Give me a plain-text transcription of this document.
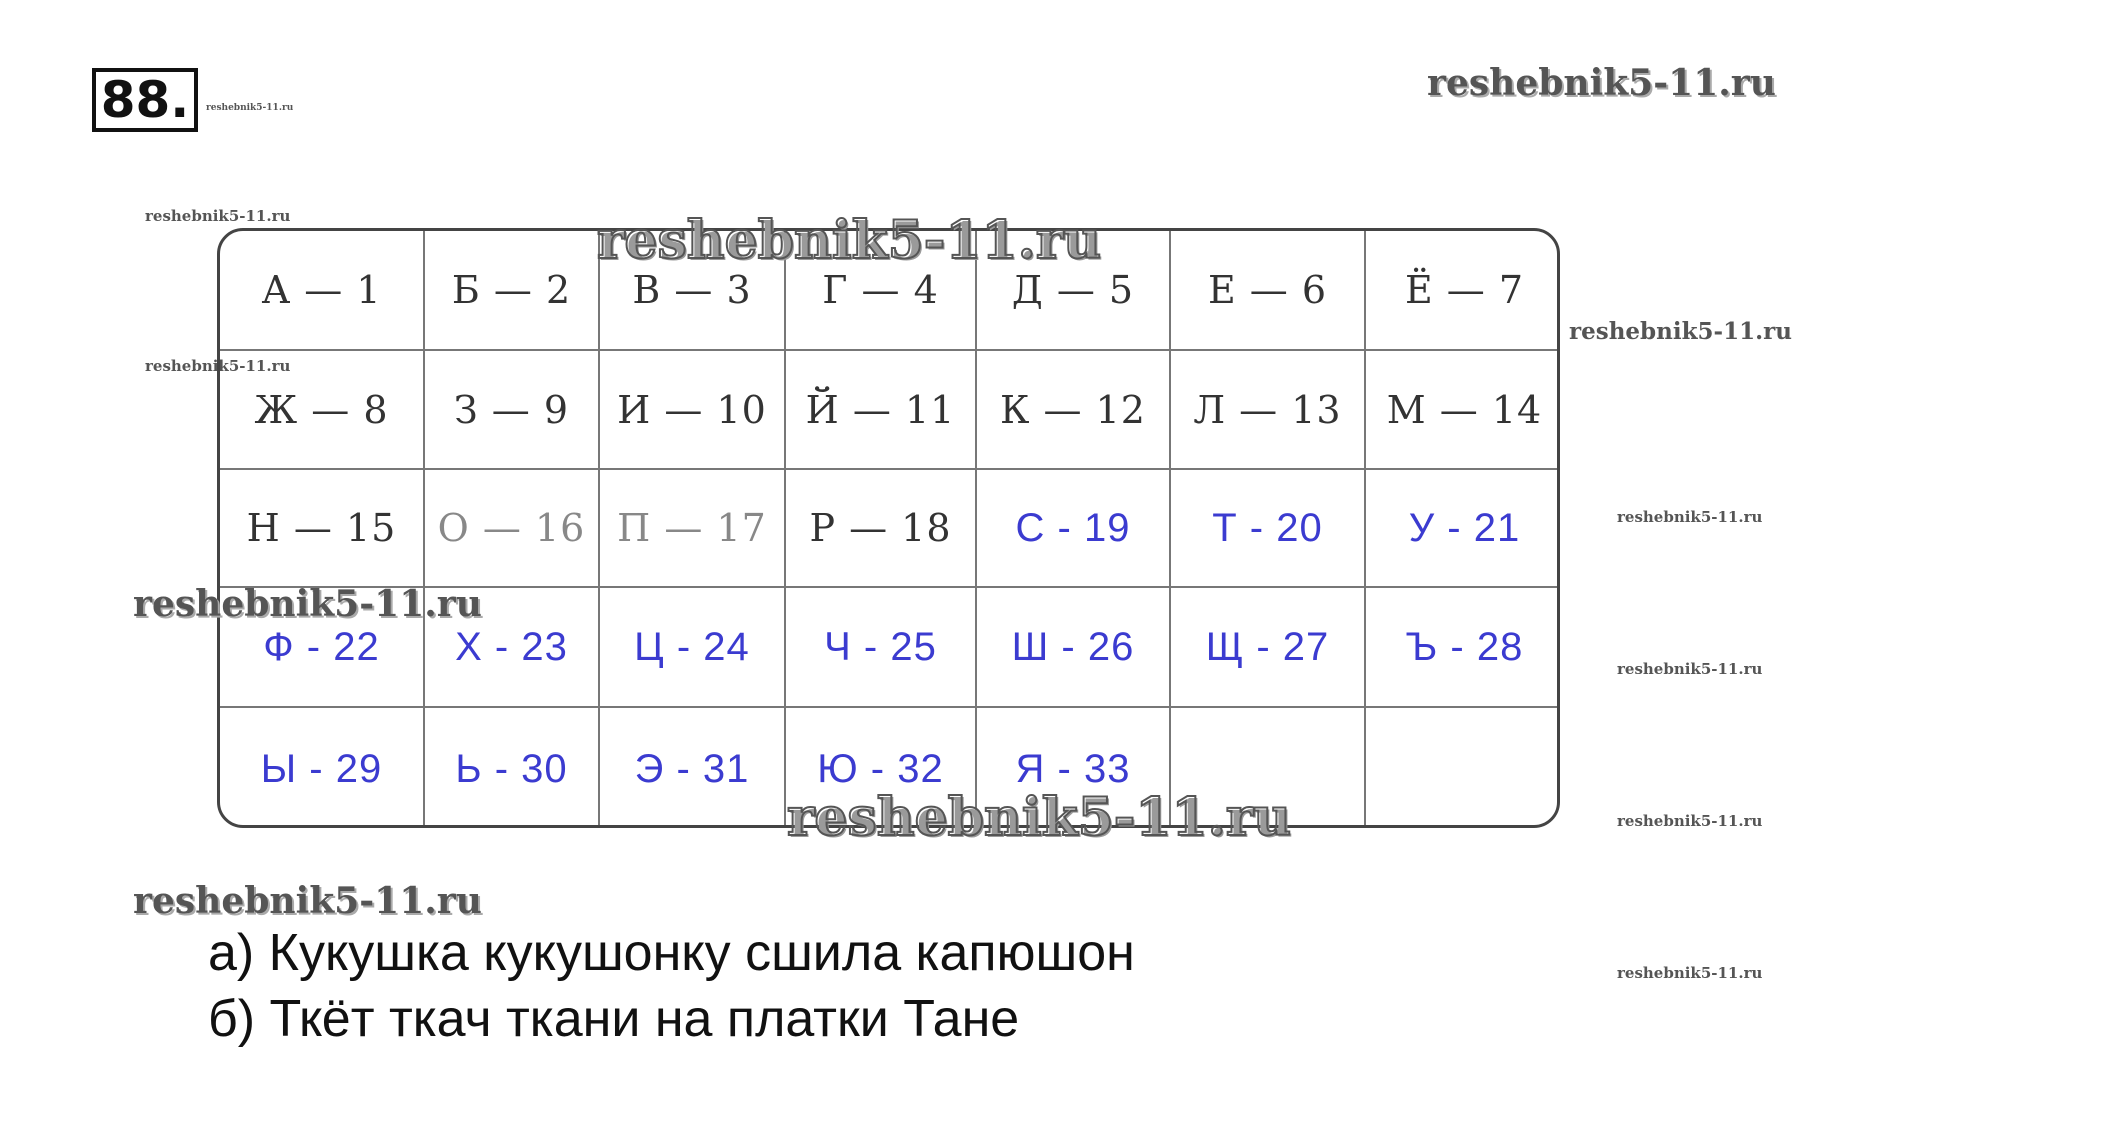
88.	reshebnik5-11.ru
reshebnik5-11.ru
reshebnik5-11.ru
reshebnik5-11.ru
reshebnik5-11.ru
reshebnik5-11.ru
reshebnik5-11.ru
reshebnik5-11.ru
reshebnik5-11.ru
А — 1	Б — 2	В — 3	Г — 4	Д — 5	Е — 6	Ё — 7
Ж — 8	З — 9	И — 10	Й — 11	К — 12	Л — 13	М — 14
Н — 15	О — 16 П — 17	Р — 18	С - 19	Т - 20	У - 21
Ф - 22	Х - 23	Ц - 24	Ч - 25	Ш - 26	Щ - 27	Ъ - 28
Ы - 29	Ь - 30	Э - 31	Ю - 32	Я - 33
reshebnik5-11.ru
reshebnik5-11.ru
reshebnik5-11.ru
reshebnik5-11.ru
а) Кукушка кукушонку сшила капюшон
б) Ткёт ткач ткани на платки Тане
